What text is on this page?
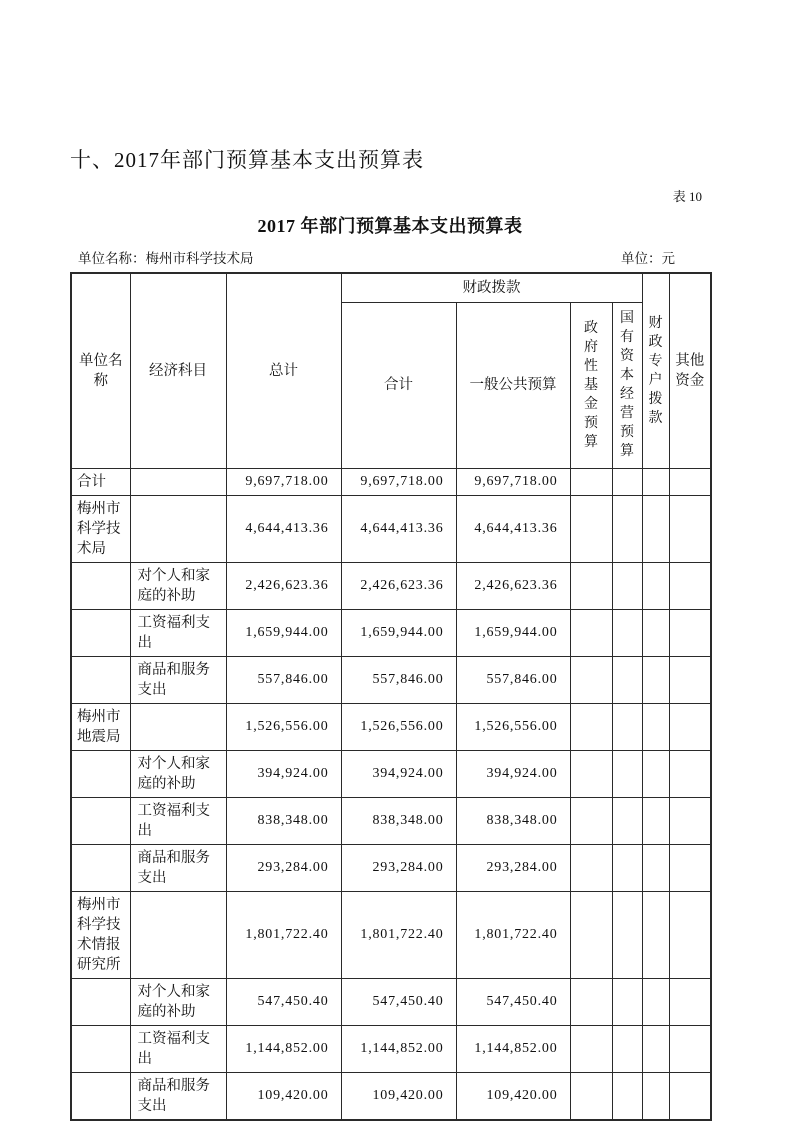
十、2017年部门预算基本支出预算表
表 10
2017 年部门预算基本支出预算表
单位名称：梅州市科学技术局	单位：元
单位名称	经济科目	总计	财政拨款				财政专户拨款	其他资金
			合计	一般公共预算	政府性基金预算	国有资本经营预算		
合计		9,697,718.00	9,697,718.00	9,697,718.00				
梅州市科学技术局		4,644,413.36	4,644,413.36	4,644,413.36				
	对个人和家庭的补助	2,426,623.36	2,426,623.36	2,426,623.36				
	工资福利支出	1,659,944.00	1,659,944.00	1,659,944.00				
	商品和服务支出	557,846.00	557,846.00	557,846.00				
梅州市地震局		1,526,556.00	1,526,556.00	1,526,556.00				
	对个人和家庭的补助	394,924.00	394,924.00	394,924.00				
	工资福利支出	838,348.00	838,348.00	838,348.00				
	商品和服务支出	293,284.00	293,284.00	293,284.00				
梅州市科学技术情报研究所		1,801,722.40	1,801,722.40	1,801,722.40				
	对个人和家庭的补助	547,450.40	547,450.40	547,450.40				
	工资福利支出	1,144,852.00	1,144,852.00	1,144,852.00				
	商品和服务支出	109,420.00	109,420.00	109,420.00				
